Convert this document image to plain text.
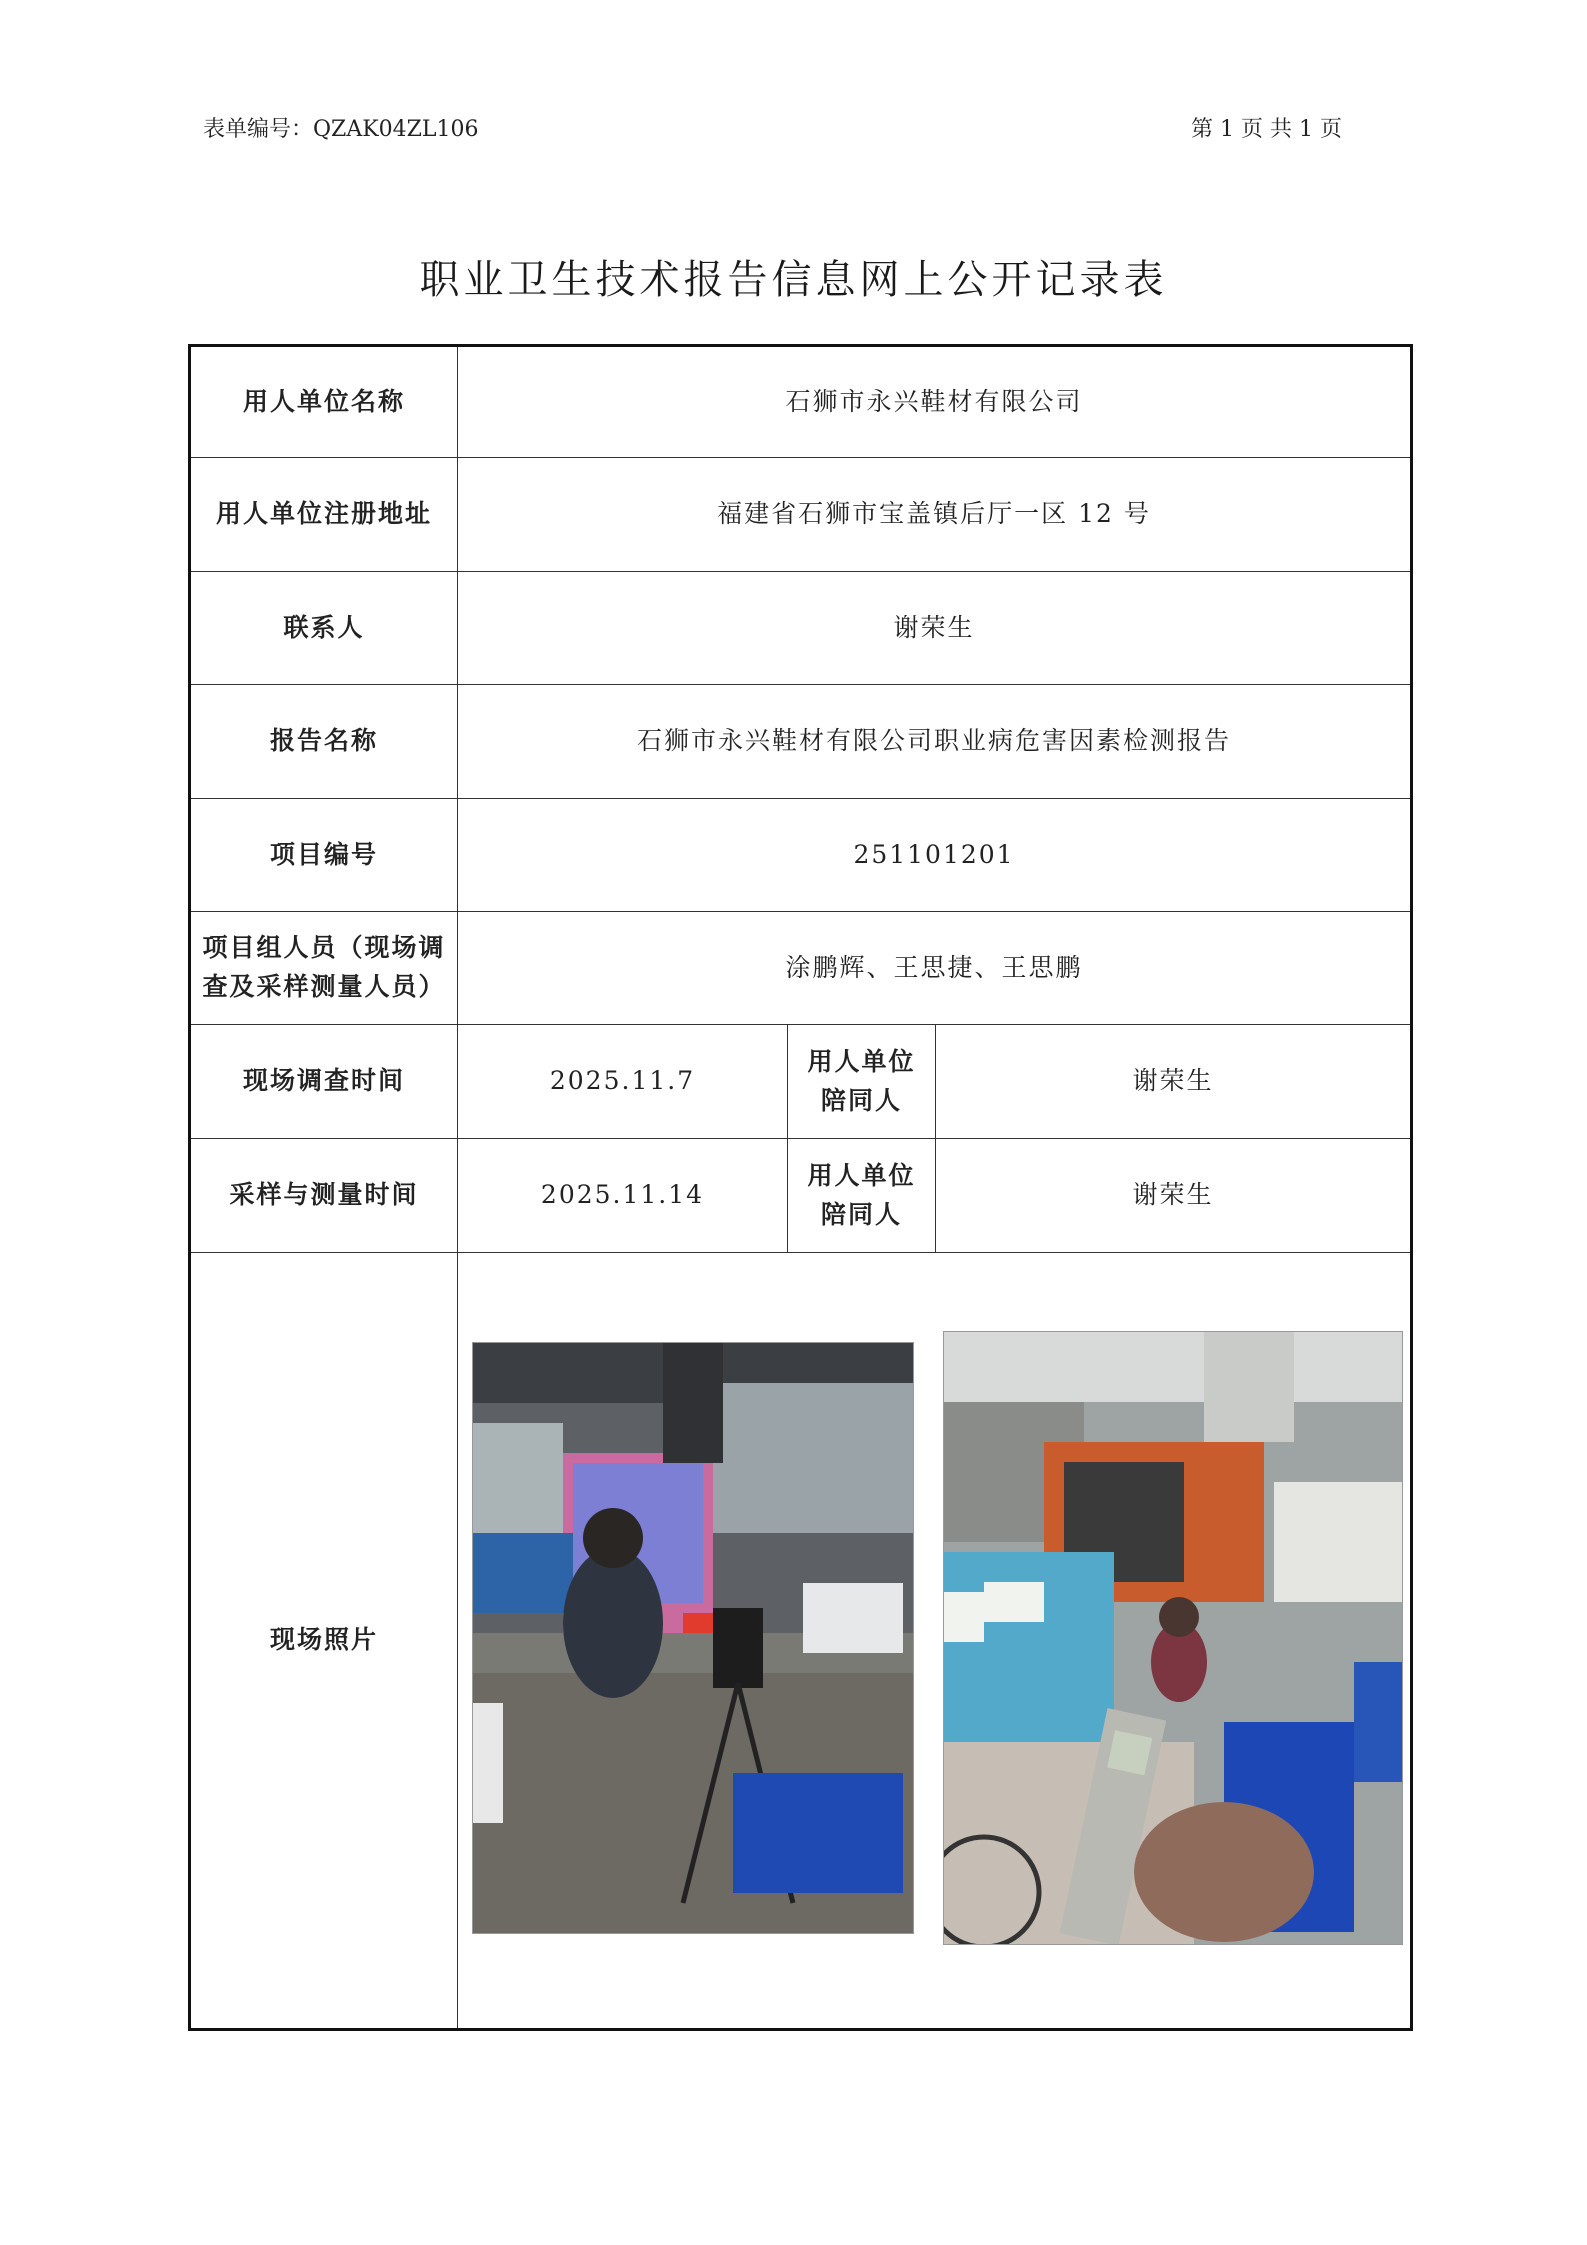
表单编号：QZAK04ZL106	第 1 页 共 1 页
职业卫生技术报告信息网上公开记录表
用人单位名称	石狮市永兴鞋材有限公司		
用人单位注册地址	福建省石狮市宝盖镇后厅一区 12 号		
联系人	谢荣生		
报告名称	石狮市永兴鞋材有限公司职业病危害因素检测报告		
项目编号	251101201		
项目组人员（现场调查及采样测量人员）	涂鹏辉、王思捷、王思鹏		
现场调查时间	2025.11.7	用人单位陪同人	谢荣生
采样与测量时间	2025.11.14	用人单位陪同人	谢荣生
现场照片	
